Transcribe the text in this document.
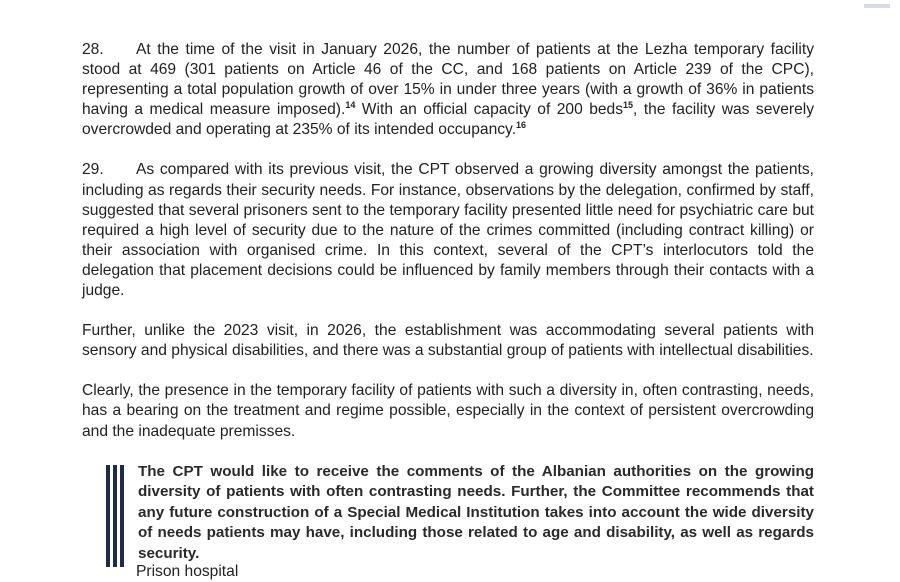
28. At the time of the visit in January 2026, the number of patients at the Lezha temporary facility stood at 469 (301 patients on Article 46 of the CC, and 168 patients on Article 239 of the CPC), representing a total population growth of over 15% in under three years (with a growth of 36% in patients having a medical measure imposed).$^{14}$ With an official capacity of 200 beds$^{15}$, the facility was severely overcrowded and operating at 235% of its intended occupancy.$^{16}$

29. As compared with its previous visit, the CPT observed a growing diversity amongst the patients, including as regards their security needs. For instance, observations by the delegation, confirmed by staff, suggested that several prisoners sent to the temporary facility presented little need for psychiatric care but required a high level of security due to the nature of the crimes committed (including contract killing) or their association with organised crime. In this context, several of the CPT’s interlocutors told the delegation that placement decisions could be influenced by family members through their contacts with a judge.

Further, unlike the 2023 visit, in 2026, the establishment was accommodating several patients with sensory and physical disabilities, and there was a substantial group of patients with intellectual disabilities.

Clearly, the presence in the temporary facility of patients with such a diversity in, often contrasting, needs, has a bearing on the treatment and regime possible, especially in the context of persistent overcrowding and the inadequate premisses.

The CPT would like to receive the comments of the Albanian authorities on the growing diversity of patients with often contrasting needs. Further, the Committee recommends that any future construction of a Special Medical Institution takes into account the wide diversity of needs patients may have, including those related to age and disability, as well as regards security.
Prison hospital
